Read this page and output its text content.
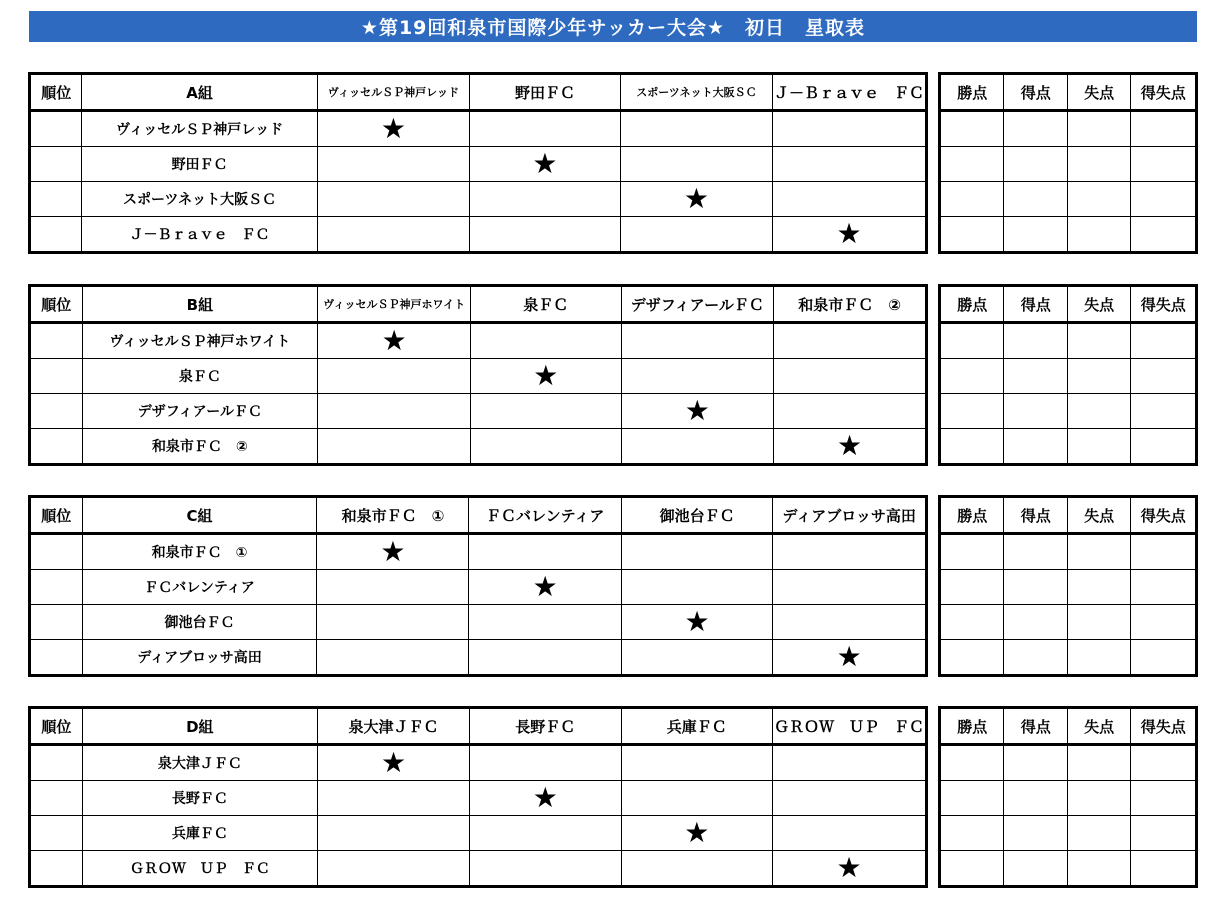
★第19回和泉市国際少年サッカー大会★　初日　星取表
順位	A組	ヴィッセルＳＰ神戸レッド	野田ＦＣ	スポーツネット大阪ＳＣ	Ｊ－Ｂｒａｖｅ　ＦＣ
	ヴィッセルＳＰ神戸レッド	★			
	野田ＦＣ		★		
	スポーツネット大阪ＳＣ			★	
	Ｊ－Ｂｒａｖｅ　ＦＣ				★
勝点	得点	失点	得失点

順位	B組	ヴィッセルＳＰ神戸ホワイト	泉ＦＣ	デザフィアールＦＣ	和泉市ＦＣ　②
	ヴィッセルＳＰ神戸ホワイト	★			
	泉ＦＣ		★		
	デザフィアールＦＣ			★	
	和泉市ＦＣ　②				★
勝点	得点	失点	得失点

順位	C組	和泉市ＦＣ　①	ＦＣバレンティア	御池台ＦＣ	ディアブロッサ高田
	和泉市ＦＣ　①	★			
	ＦＣバレンティア		★		
	御池台ＦＣ			★	
	ディアブロッサ高田				★
勝点	得点	失点	得失点

順位	D組	泉大津ＪＦＣ	長野ＦＣ	兵庫ＦＣ	ＧＲＯＷ　ＵＰ　ＦＣ
	泉大津ＪＦＣ	★			
	長野ＦＣ		★		
	兵庫ＦＣ			★	
	ＧＲＯＷ　ＵＰ　ＦＣ				★
勝点	得点	失点	得失点
